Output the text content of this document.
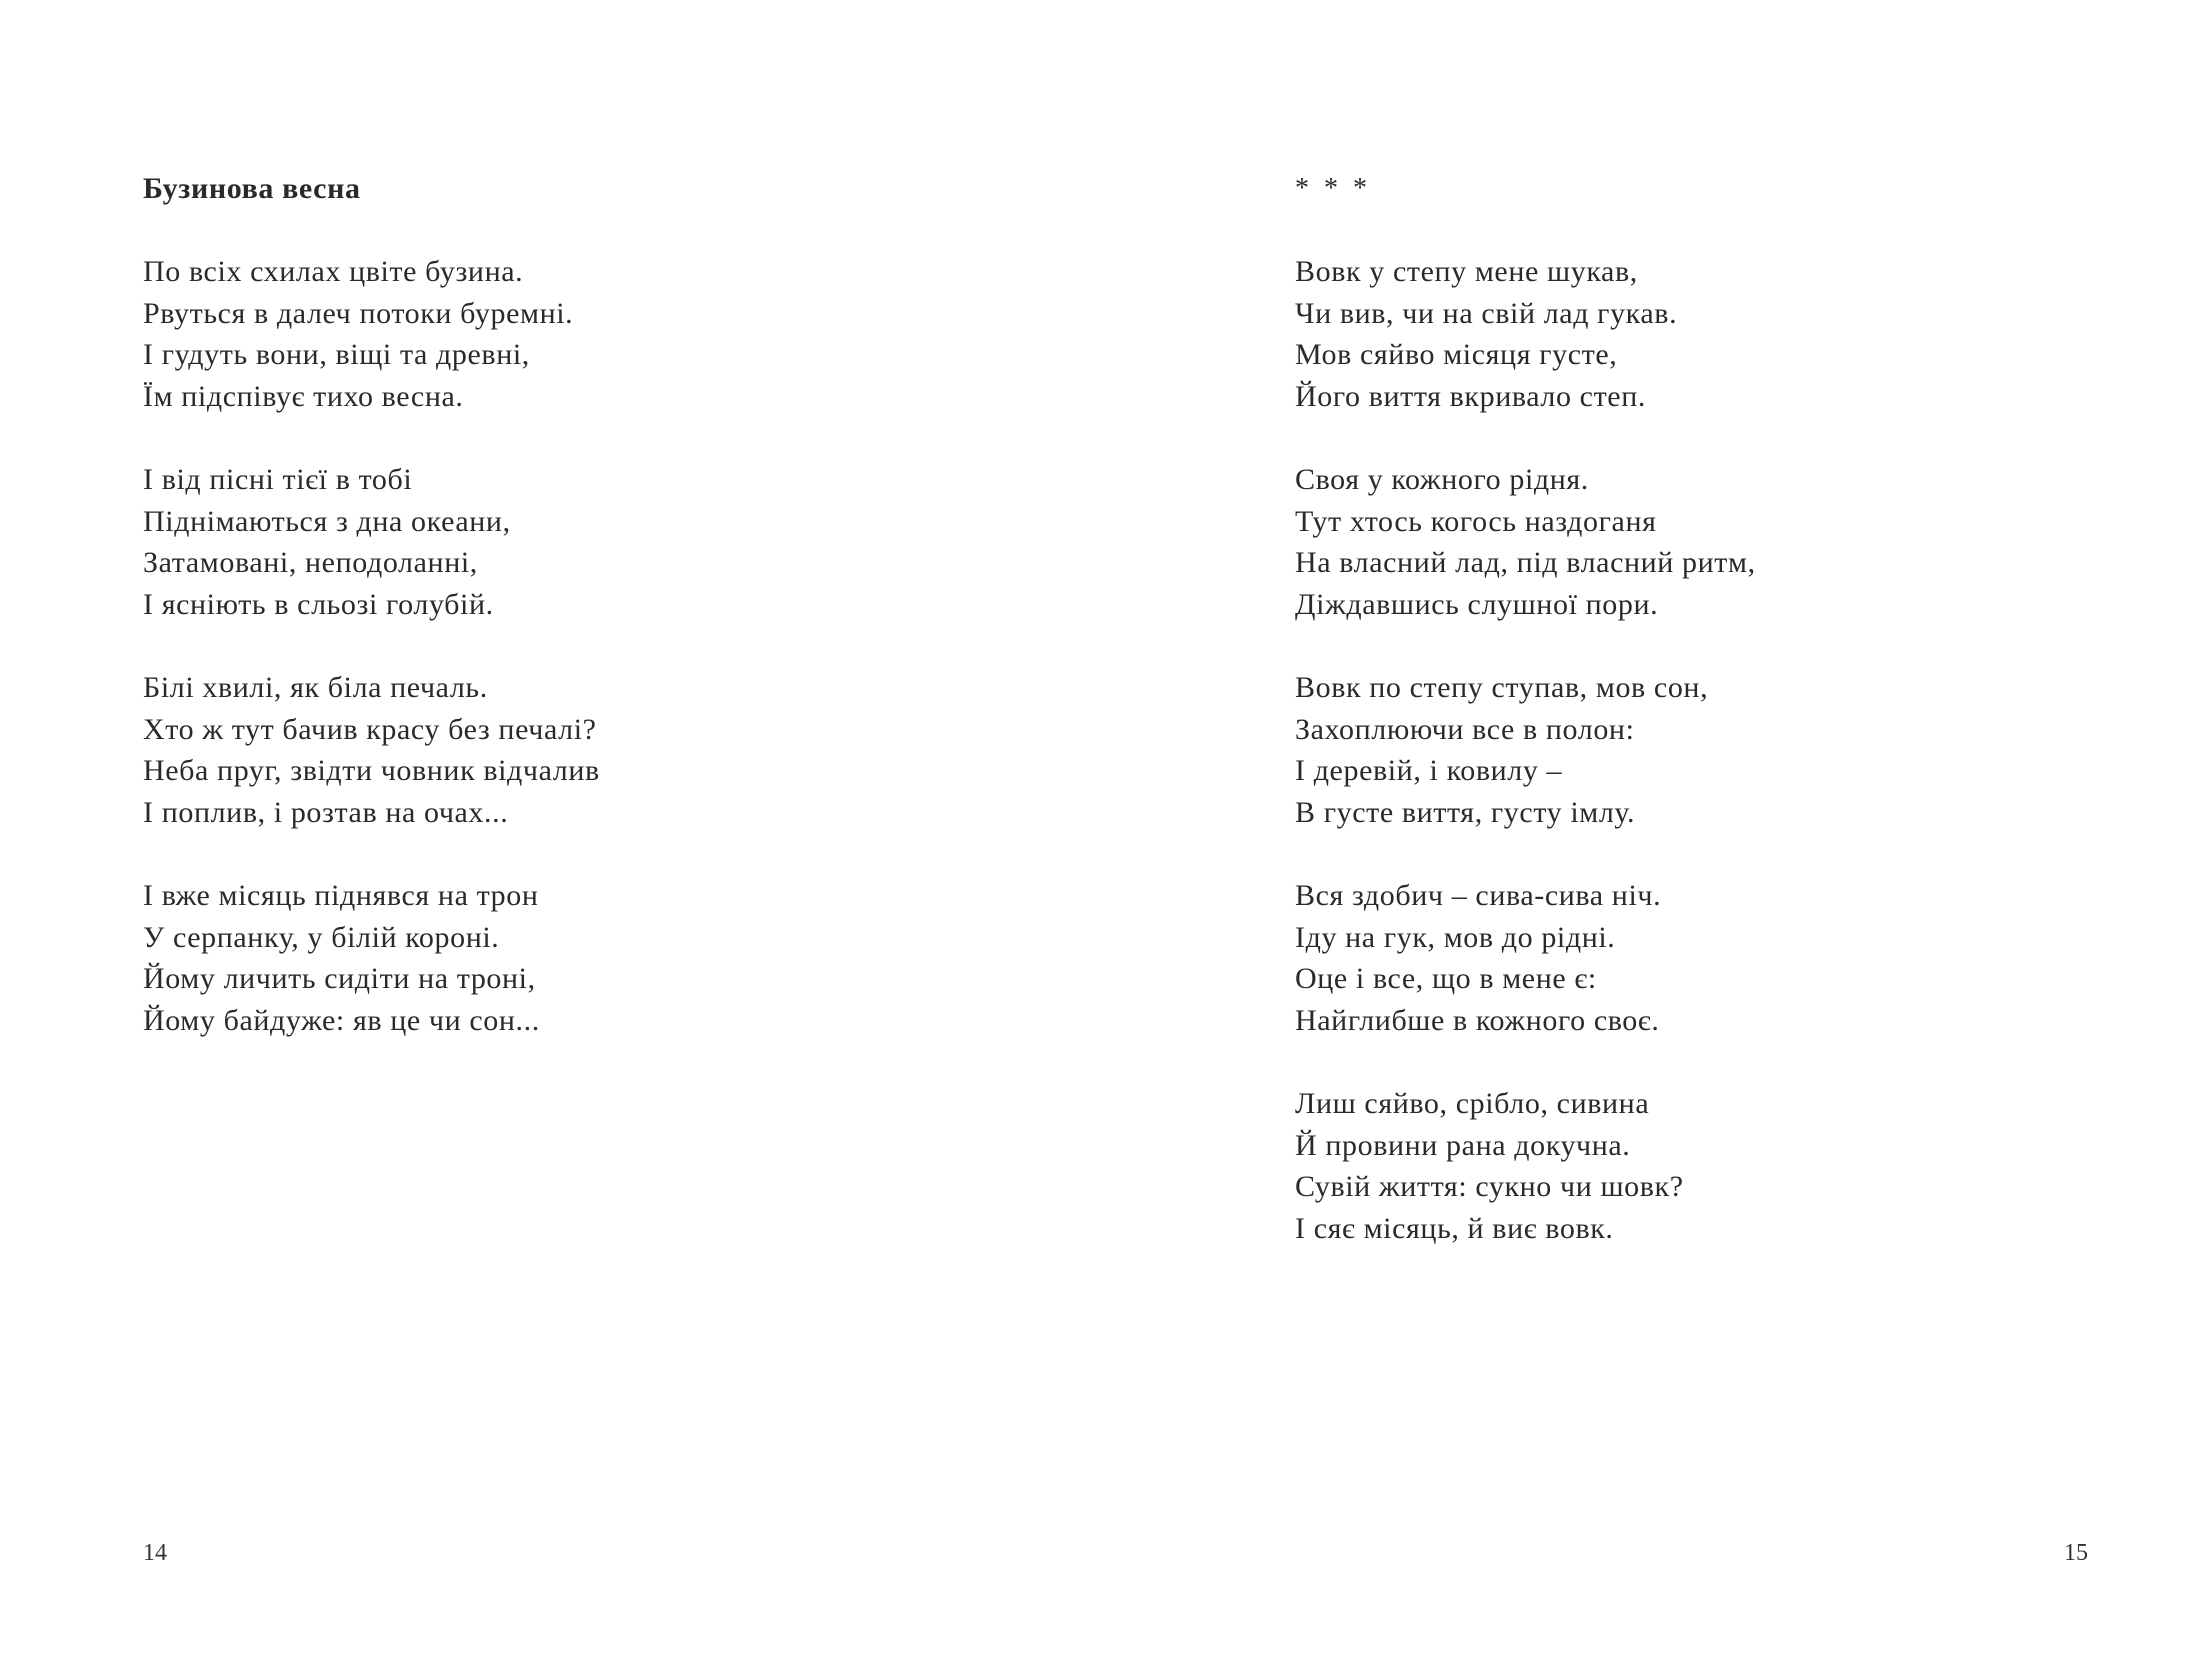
Бузинова весна
По всіх схилах цвіте бузина.
Рвуться в далеч потоки буремні.
І гудуть вони, віщі та древні,
Їм підспівує тихо весна.
І від пісні тієї в тобі
Піднімаються з дна океани,
Затамовані, неподоланні,
І яснiють в сльозі голубій.
Білі хвилі, як біла печаль.
Хто ж тут бачив красу без печалі?
Неба пруг, звідти човник відчалив
І поплив, і розтав на очах...
І вже місяць піднявся на трон
У серпанку, у білій короні.
Йому личить сидіти на троні,
Йому байдуже: яв це чи сон...
14
* * *
Вовк у степу мене шукав,
Чи вив, чи на свій лад гукав.
Мов сяйво місяця густе,
Його виття вкривало степ.
Своя у кожного рідня.
Тут хтось когось наздоганя
На власний лад, під власний ритм,
Діждавшись слушної пори.
Вовк по степу ступав, мов сон,
Захоплюючи все в полон:
І деревій, і ковилу –
В густе виття, густу імлу.
Вся здобич – сива-сива ніч.
Іду на гук, мов до рідні.
Оце і все, що в мене є:
Найглибше в кожного своє.
Лиш сяйво, срібло, сивина
Й провини рана докучна.
Сувій життя: сукно чи шовк?
І сяє місяць, й виє вовк.
15
